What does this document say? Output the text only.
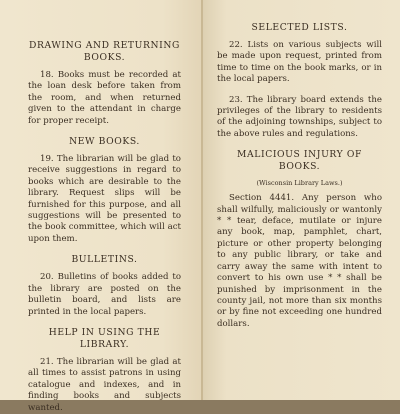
DRAWING AND RETURNING BOOKS.
18. Books must be recorded at the loan desk before taken from the room, and when returned given to the attendant in charge for proper receipt.
NEW BOOKS.
19. The librarian will be glad to receive suggestions in regard to books which are desirable to the library. Request slips will be furnished for this purpose, and all suggestions will be presented to the book committee, which will act upon them.
BULLETINS.
20. Bulletins of books added to the library are posted on the bulletin board, and lists are printed in the local papers.
HELP IN USING THE LIBRARY.
21. The librarian will be glad at all times to assist patrons in using catalogue and indexes, and in finding books and subjects wanted.
SELECTED LISTS.
22. Lists on various subjects will be made upon request, printed from time to time on the book marks, or in the local papers.
23. The library board extends the privileges of the library to residents of the adjoining townships, subject to the above rules and regulations.
MALICIOUS INJURY OF BOOKS.
(Wisconsin Library Laws.)
Section 4441. Any person who shall wilfully, maliciously or wantonly * * tear, deface, mutilate or injure any book, map, pamphlet, chart, picture or other property belonging to any public library, or take and carry away the same with intent to convert to his own use * * shall be punished by imprisonment in the county jail, not more than six months or by fine not exceeding one hundred dollars.
